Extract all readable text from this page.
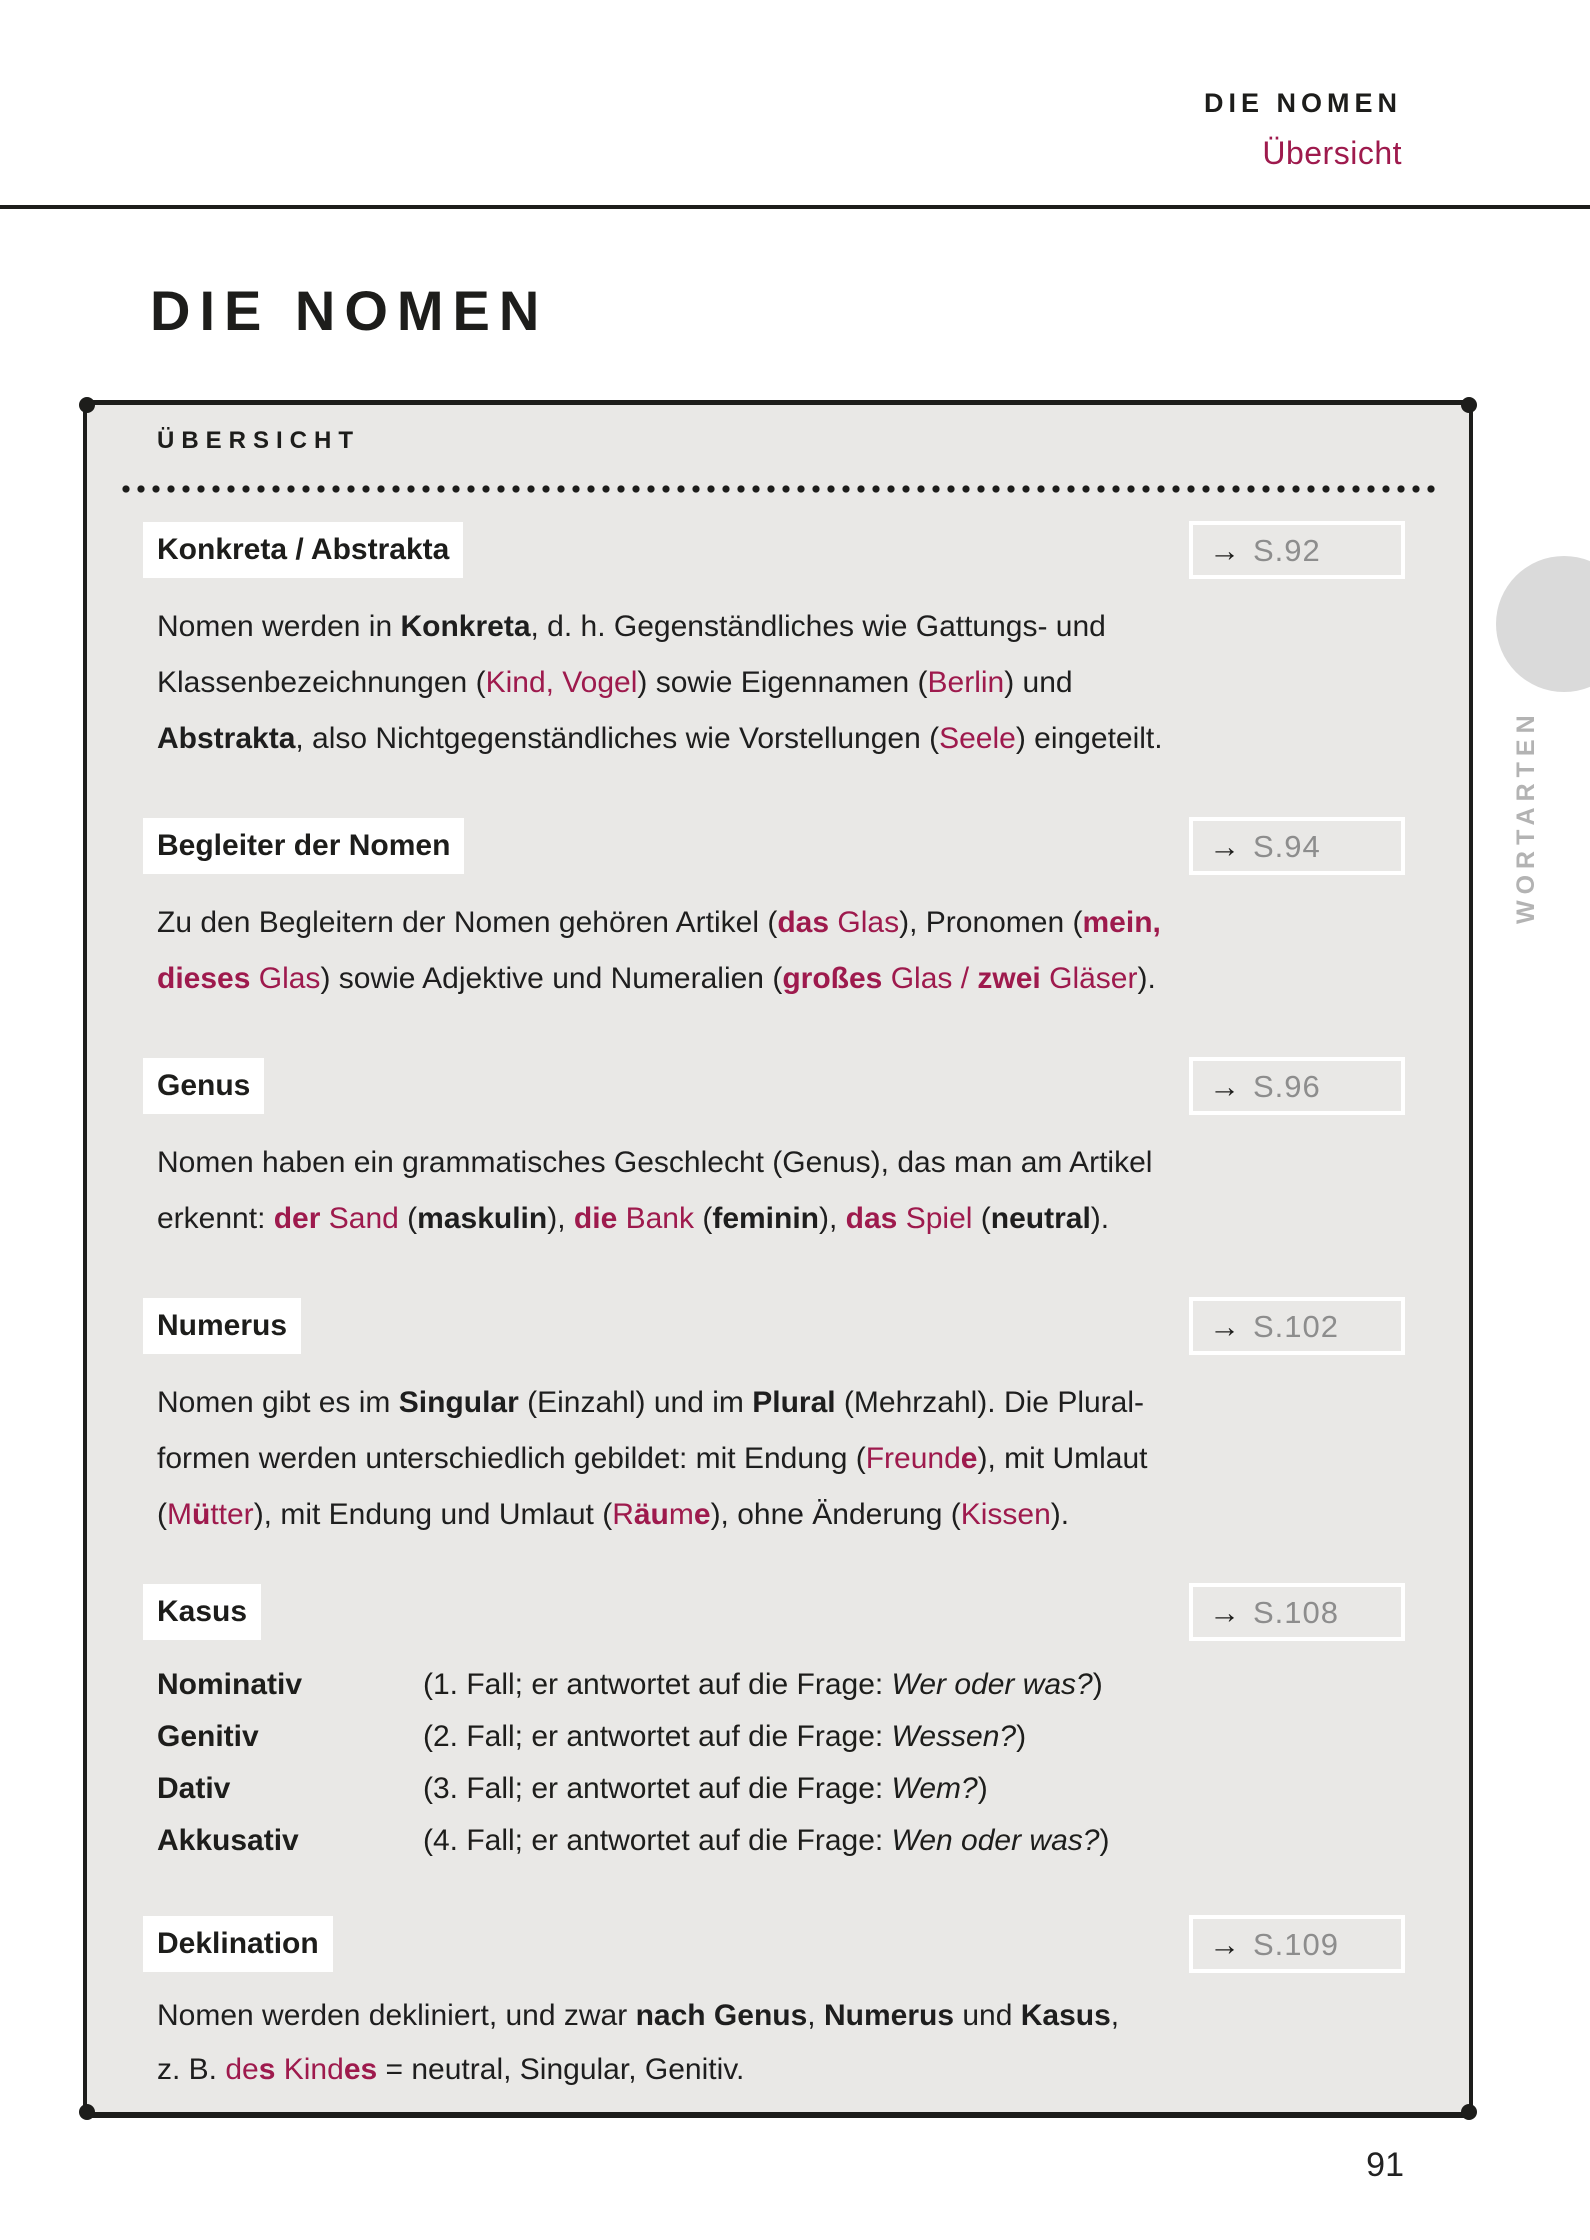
DIE NOMEN
Übersicht
DIE NOMEN
ÜBERSICHT
Konkreta / Abstrakta	→ S.92

Nomen werden in Konkreta, d. h. Gegenständliches wie Gattungs- und
Klassenbezeichnungen (Kind, Vogel) sowie Eigennamen (Berlin) und
Abstrakta, also Nichtgegenständliches wie Vorstellungen (Seele) eingeteilt.

Begleiter der Nomen	→ S.94

Zu den Begleitern der Nomen gehören Artikel (das Glas), Pronomen (mein,
dieses Glas) sowie Adjektive und Numeralien (großes Glas / zwei Gläser).

Genus	→ S.96

Nomen haben ein grammatisches Geschlecht (Genus), das man am Artikel
erkennt: der Sand (maskulin), die Bank (feminin), das Spiel (neutral).

Numerus	→ S.102

Nomen gibt es im Singular (Einzahl) und im Plural (Mehrzahl). Die Plural-
formen werden unterschiedlich gebildet: mit Endung (Freunde), mit Umlaut
(Mütter), mit Endung und Umlaut (Räume), ohne Änderung (Kissen).

Kasus	→ S.108
Nominativ	(1. Fall; er antwortet auf die Frage: Wer oder was?)
Genitiv	(2. Fall; er antwortet auf die Frage: Wessen?)
Dativ	(3. Fall; er antwortet auf die Frage: Wem?)
Akkusativ	(4. Fall; er antwortet auf die Frage: Wen oder was?)
Deklination	→ S.109

Nomen werden dekliniert, und zwar nach Genus, Numerus und Kasus,
z. B. des Kindes = neutral, Singular, Genitiv.

WORTARTEN
91
